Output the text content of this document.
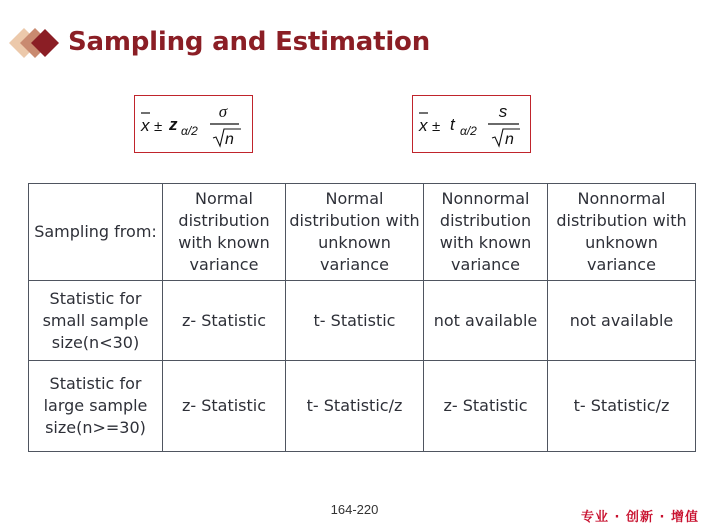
Sampling and Estimation
x ± z α/2
σ
n
x ± t α/2
s
n
Sampling from:	Normal distribution with known variance	Normal distribution with unknown variance	Nonnormal distribution with known variance	Nonnormal distribution with unknown variance
Statistic for small sample size(n<30)	z- Statistic	t- Statistic	not available	not available
Statistic for large sample size(n>=30)	z- Statistic	t- Statistic/z	z- Statistic	t- Statistic/z
164-220
专业 · 创新 · 增值
